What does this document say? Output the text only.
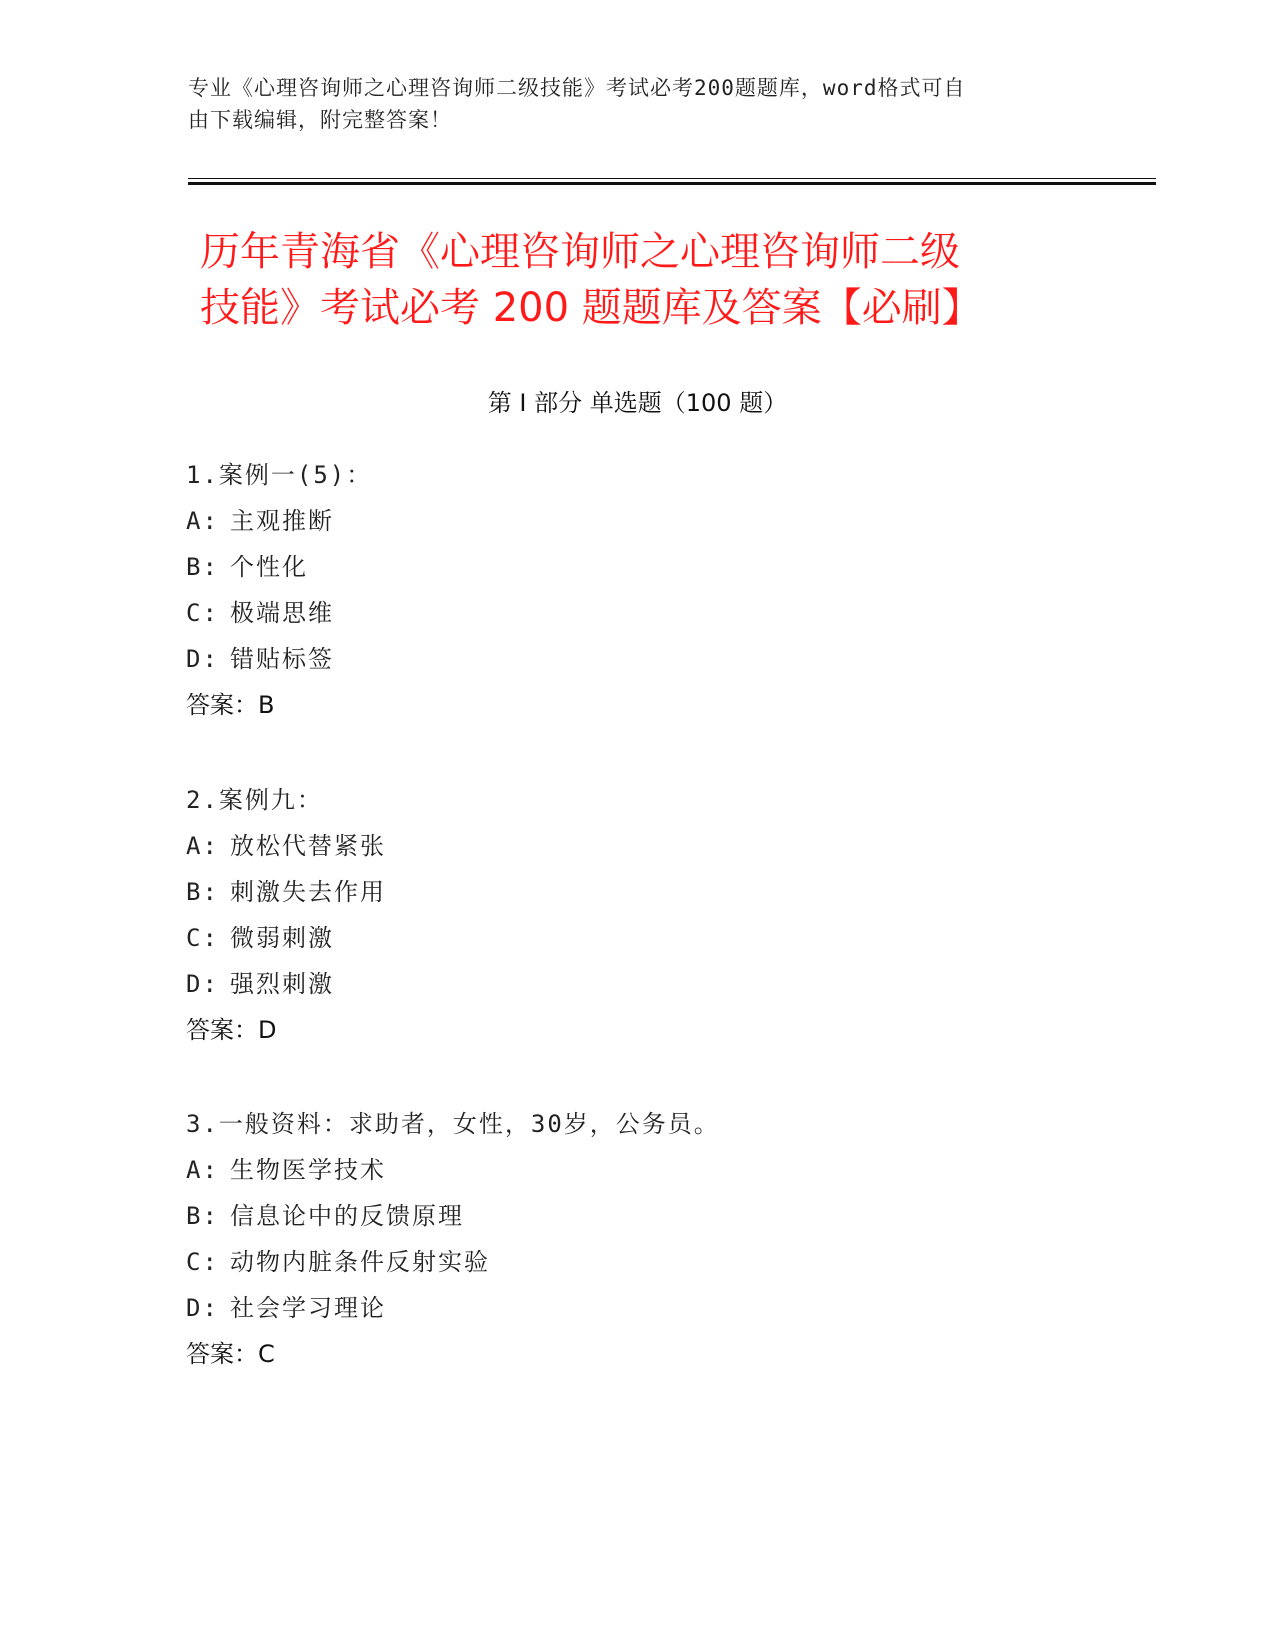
专业《心理咨询师之心理咨询师二级技能》考试必考200题题库，word格式可自
由下载编辑，附完整答案！
历年青海省《心理咨询师之心理咨询师二级
技能》考试必考 200 题题库及答案【必刷】
第 I 部分 单选题（100 题）
1.案例一(5)：
A: 主观推断
B: 个性化
C: 极端思维
D: 错贴标签
答案：B
2.案例九：
A: 放松代替紧张
B: 刺激失去作用
C: 微弱刺激
D: 强烈刺激
答案：D
3.一般资料：求助者，女性，30岁，公务员。
A: 生物医学技术
B: 信息论中的反馈原理
C: 动物内脏条件反射实验
D: 社会学习理论
答案：C
